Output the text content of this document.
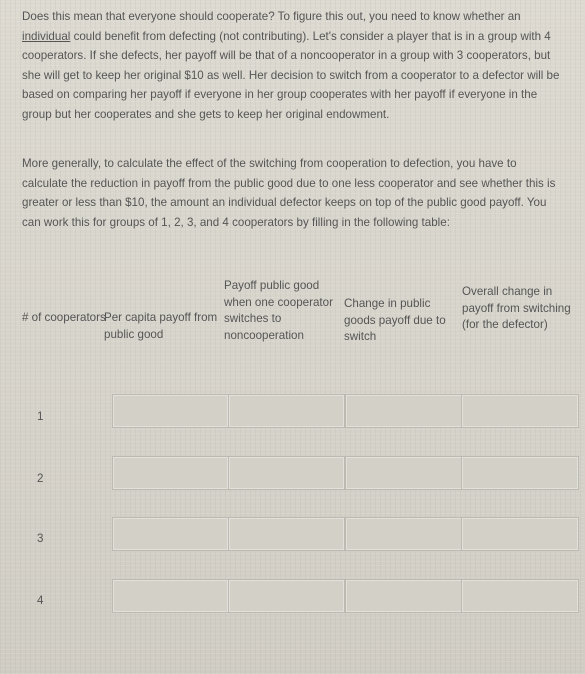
Does this mean that everyone should cooperate? To figure this out, you need to know whether an individual could benefit from defecting (not contributing). Let's consider a player that is in a group with 4 cooperators. If she defects, her payoff will be that of a noncooperator in a group with 3 cooperators, but she will get to keep her original $10 as well. Her decision to switch from a cooperator to a defector will be based on comparing her payoff if everyone in her group cooperates with her payoff if everyone in the group but her cooperates and she gets to keep her original endowment.

More generally, to calculate the effect of the switching from cooperation to defection, you have to calculate the reduction in payoff from the public good due to one less cooperator and see whether this is greater or less than $10, the amount an individual defector keeps on top of the public good payoff. You can work this for groups of 1, 2, 3, and 4 cooperators by filling in the following table:

# of cooperators
Per capita payoff from public good
Payoff public good when one cooperator switches to noncooperation
Change in public goods payoff due to switch
Overall change in payoff from switching (for the defector)
1
2
3
4
